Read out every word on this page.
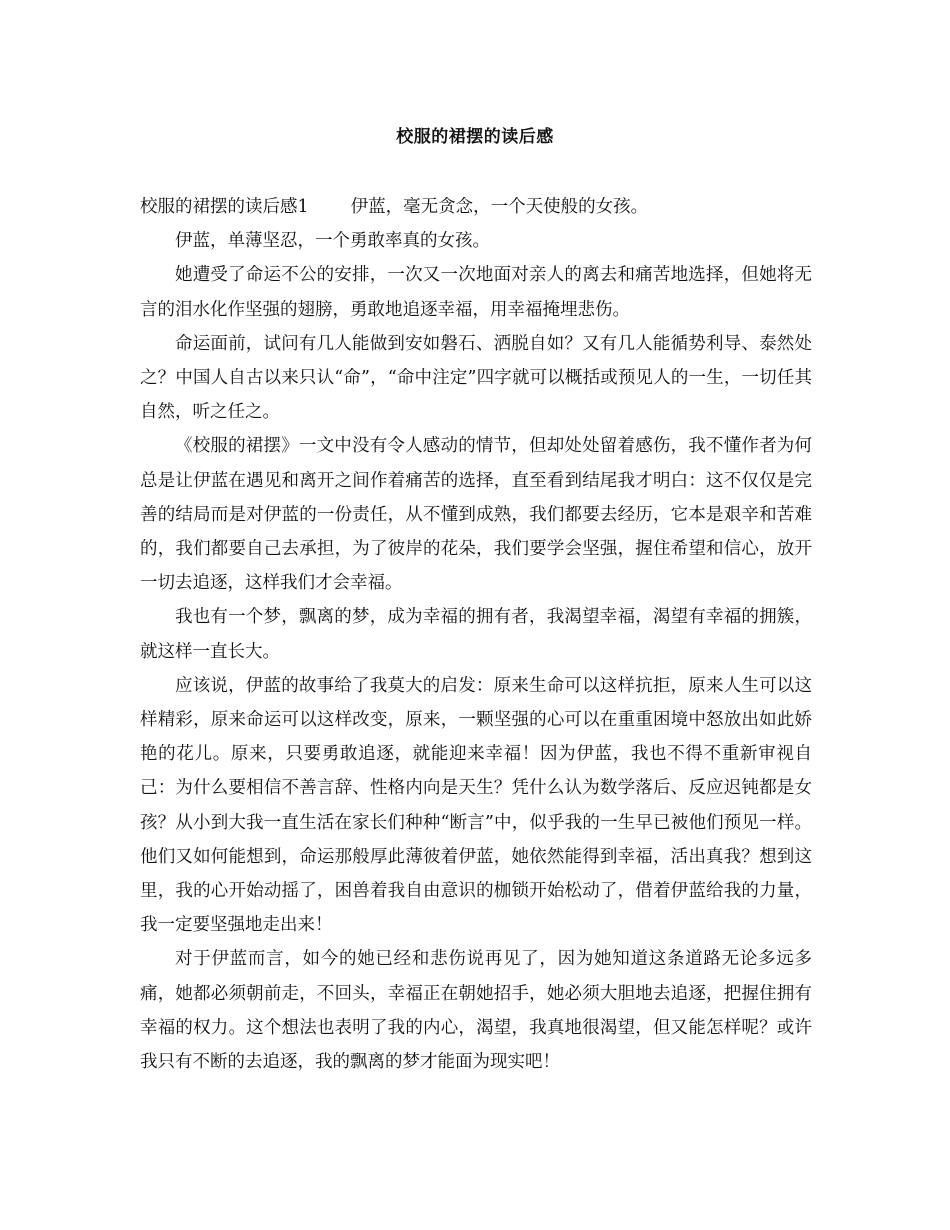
校服的裙摆的读后感

校服的裙摆的读后感1 伊蓝，毫无贪念，一个天使般的女孩。

伊蓝，单薄坚忍，一个勇敢率真的女孩。

她遭受了命运不公的安排，一次又一次地面对亲人的离去和痛苦地选择，但她将无言的泪水化作坚强的翅膀，勇敢地追逐幸福，用幸福掩埋悲伤。

命运面前，试问有几人能做到安如磐石、洒脱自如？又有几人能循势利导、泰然处之？中国人自古以来只认“命”，“命中注定”四字就可以概括或预见人的一生，一切任其自然，听之任之。

《校服的裙摆》一文中没有令人感动的情节，但却处处留着感伤，我不懂作者为何总是让伊蓝在遇见和离开之间作着痛苦的选择，直至看到结尾我才明白：这不仅仅是完善的结局而是对伊蓝的一份责任，从不懂到成熟，我们都要去经历，它本是艰辛和苦难的，我们都要自己去承担，为了彼岸的花朵，我们要学会坚强，握住希望和信心，放开一切去追逐，这样我们才会幸福。

我也有一个梦，飘离的梦，成为幸福的拥有者，我渴望幸福，渴望有幸福的拥簇，就这样一直长大。

应该说，伊蓝的故事给了我莫大的启发：原来生命可以这样抗拒，原来人生可以这样精彩，原来命运可以这样改变，原来，一颗坚强的心可以在重重困境中怒放出如此娇艳的花儿。原来，只要勇敢追逐，就能迎来幸福！因为伊蓝，我也不得不重新审视自己：为什么要相信不善言辞、性格内向是天生？凭什么认为数学落后、反应迟钝都是女孩？从小到大我一直生活在家长们种种“断言”中，似乎我的一生早已被他们预见一样。他们又如何能想到，命运那般厚此薄彼着伊蓝，她依然能得到幸福，活出真我？想到这里，我的心开始动摇了，困兽着我自由意识的枷锁开始松动了，借着伊蓝给我的力量，我一定要坚强地走出来！

对于伊蓝而言，如今的她已经和悲伤说再见了，因为她知道这条道路无论多远多痛，她都必须朝前走，不回头，幸福正在朝她招手，她必须大胆地去追逐，把握住拥有幸福的权力。这个想法也表明了我的内心，渴望，我真地很渴望，但又能怎样呢？或许我只有不断的去追逐，我的飘离的梦才能面为现实吧！
